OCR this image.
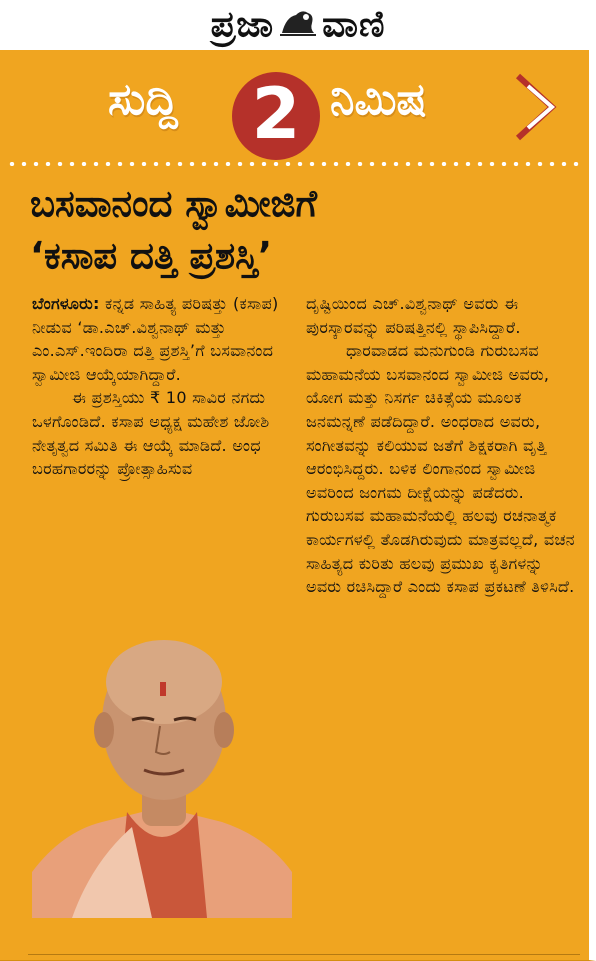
ಪ್ರಜಾ ವಾಣಿ
ಸುದ್ದಿ 2 ನಿಮಿಷ
ಬಸವಾನಂದ ಸ್ವಾಮೀಜಿಗೆ
‘ಕಸಾಪ ದತ್ತಿ ಪ್ರಶಸ್ತಿ’
ಬೆಂಗಳೂರು: ಕನ್ನಡ ಸಾಹಿತ್ಯ ಪರಿಷತ್ತು (ಕಸಾಪ) ನೀಡುವ ‘ಡಾ.ಎಚ್.ವಿಶ್ವನಾಥ್ ಮತ್ತು ಎಂ.ಎಸ್.ಇಂದಿರಾ ದತ್ತಿ ಪ್ರಶಸ್ತಿ’ಗೆ ಬಸವಾನಂದ ಸ್ವಾಮೀಜಿ ಆಯ್ಕೆಯಾಗಿದ್ದಾರೆ.

ಈ ಪ್ರಶಸ್ತಿಯು ₹ 10 ಸಾವಿರ ನಗದು ಒಳಗೊಂಡಿದೆ. ಕಸಾಪ ಅಧ್ಯಕ್ಷ ಮಹೇಶ ಜೋಶಿ ನೇತೃತ್ವದ ಸಮಿತಿ ಈ ಆಯ್ಕೆ ಮಾಡಿದೆ. ಅಂಧ ಬರಹಗಾರರನ್ನು ಪ್ರೋತ್ಸಾಹಿಸುವ
ದೃಷ್ಟಿಯಿಂದ ಎಚ್.ವಿಶ್ವನಾಥ್ ಅವರು ಈ ಪುರಸ್ಕಾರವನ್ನು ಪರಿಷತ್ತಿನಲ್ಲಿ ಸ್ಥಾಪಿಸಿದ್ದಾರೆ.

ಧಾರವಾಡದ ಮನುಗುಂಡಿ ಗುರುಬಸವ ಮಹಾಮನೆಯ ಬಸವಾನಂದ ಸ್ವಾಮೀಜಿ ಅವರು, ಯೋಗ ಮತ್ತು ನಿಸರ್ಗ ಚಿಕಿತ್ಸೆಯ ಮೂಲಕ ಜನಮನ್ನಣೆ ಪಡೆದಿದ್ದಾರೆ. ಅಂಧರಾದ ಅವರು, ಸಂಗೀತವನ್ನು ಕಲಿಯುವ ಜತೆಗೆ ಶಿಕ್ಷಕರಾಗಿ ವೃತ್ತಿ ಆರಂಭಿಸಿದ್ದರು. ಬಳಿಕ ಲಿಂಗಾನಂದ ಸ್ವಾಮೀಜಿ ಅವರಿಂದ ಜಂಗಮ ದೀಕ್ಷೆಯನ್ನು ಪಡೆದರು. ಗುರುಬಸವ ಮಹಾಮನೆಯಲ್ಲಿ ಹಲವು ರಚನಾತ್ಮಕ ಕಾರ್ಯಗಳಲ್ಲಿ ತೊಡಗಿರುವುದು ಮಾತ್ರವಲ್ಲದೆ, ವಚನ ಸಾಹಿತ್ಯದ ಕುರಿತು ಹಲವು ಪ್ರಮುಖ ಕೃತಿಗಳನ್ನು ಅವರು ರಚಿಸಿದ್ದಾರೆ ಎಂದು ಕಸಾಪ ಪ್ರಕಟಣೆ ತಿಳಿಸಿದೆ.
